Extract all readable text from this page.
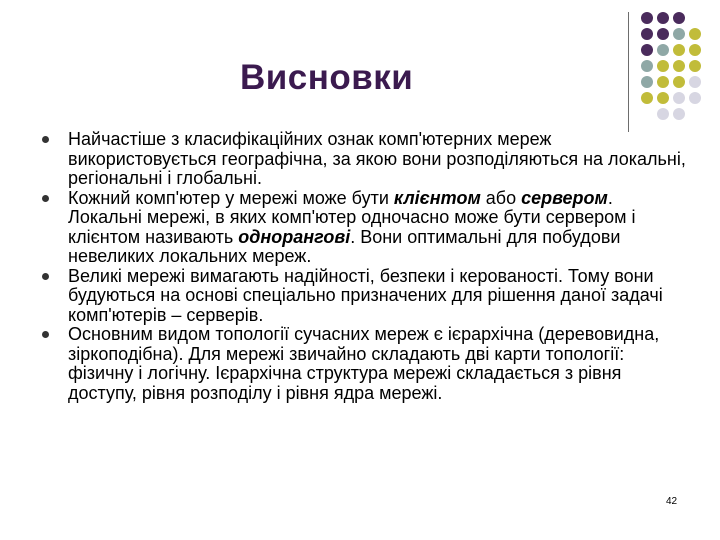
Висновки
Найчастіше з класифікаційних ознак комп'ютерних мереж використовується географічна, за якою вони розподіляються на локальні, регіональні і глобальні.
Кожний комп'ютер у мережі може бути клієнтом або сервером. Локальні мережі, в яких комп'ютер одночасно може бути сервером і клієнтом називають однорангові. Вони оптимальні для побудови невеликих локальних мереж.
Великі мережі вимагають надійності, безпеки і керованості. Тому вони будуються на основі спеціально призначених для рішення даної задачі комп'ютерів – серверів.
Основним видом топології сучасних мереж є ієрархічна (деревовидна, зіркоподібна). Для мережі звичайно складають дві карти топології: фізичну і логічну. Ієрархічна структура мережі складається з рівня доступу, рівня розподілу і рівня ядра мережі.
42
